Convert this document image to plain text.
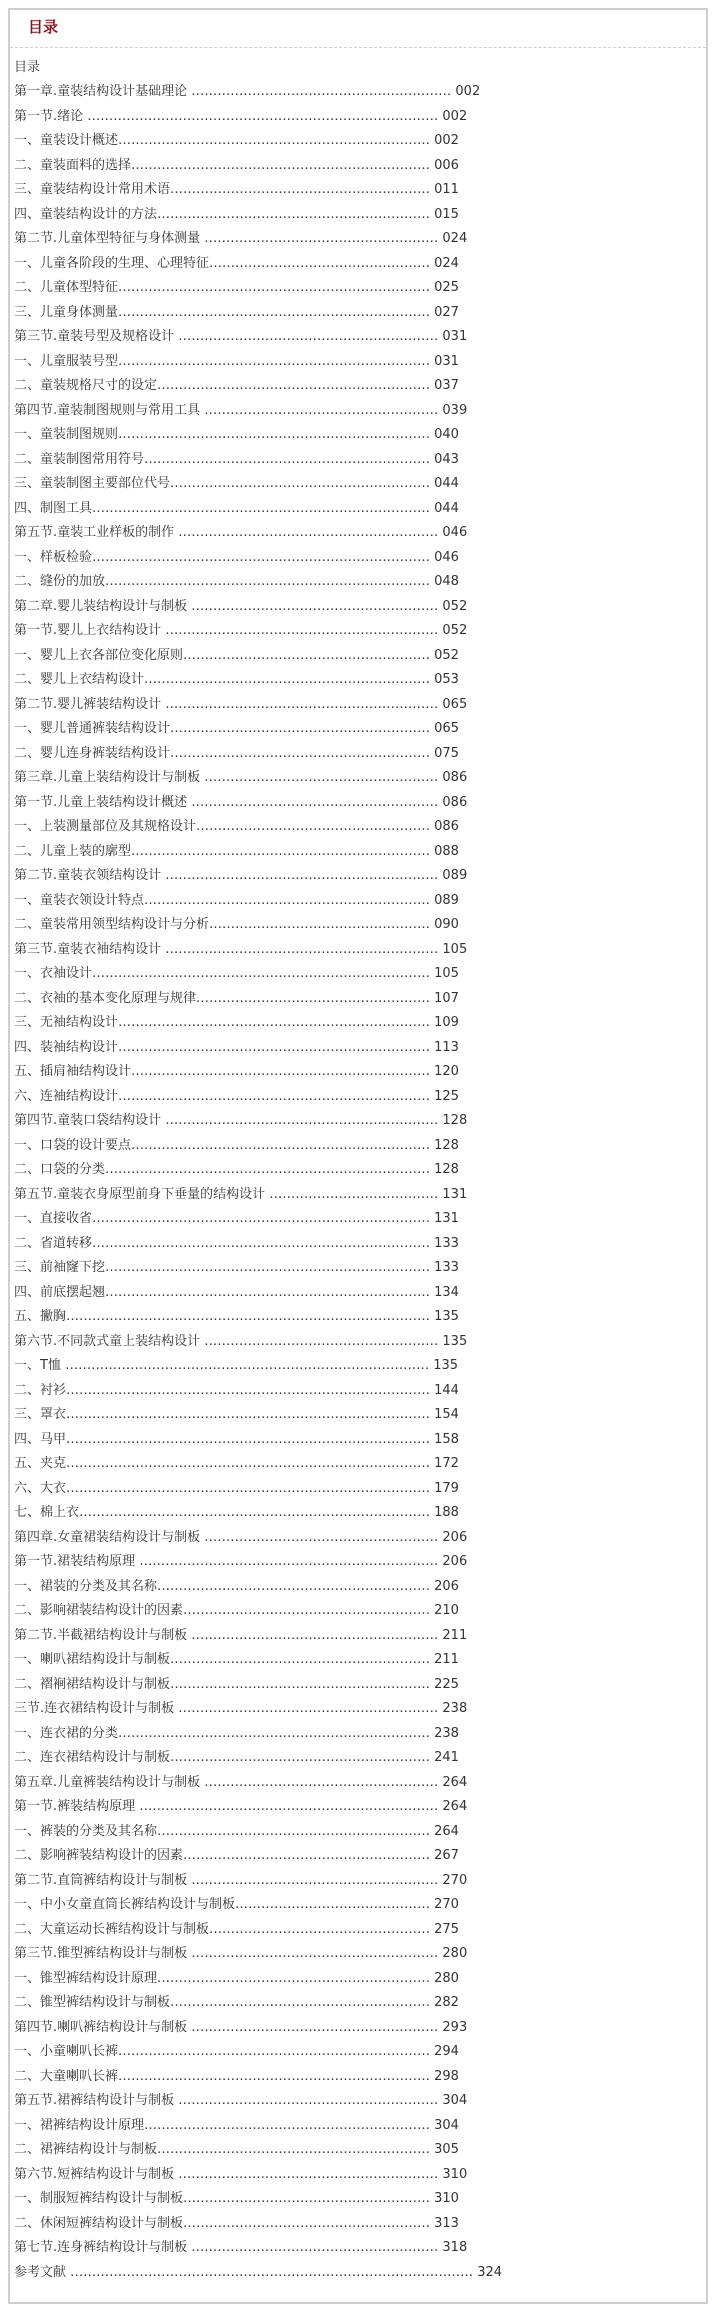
目录
目录
第一章.童装结构设计基础理论 …………………………………………………… 002
第一节.绪论 ……………………………………………………………………… 002
一、童装设计概述……………………………………………………………… 002
二、童装面料的选择…………………………………………………………… 006
三、童装结构设计常用术语…………………………………………………… 011
四、童装结构设计的方法……………………………………………………… 015
第二节.儿童体型特征与身体测量 ……………………………………………… 024
一、儿童各阶段的生理、心理特征…………………………………………… 024
二、儿童体型特征……………………………………………………………… 025
三、儿童身体测量……………………………………………………………… 027
第三节.童装号型及规格设计 …………………………………………………… 031
一、儿童服装号型……………………………………………………………… 031
二、童装规格尺寸的设定……………………………………………………… 037
第四节.童装制图规则与常用工具 ……………………………………………… 039
一、童装制图规则……………………………………………………………… 040
二、童装制图常用符号………………………………………………………… 043
三、童装制图主要部位代号…………………………………………………… 044
四、制图工具…………………………………………………………………… 044
第五节.童装工业样板的制作 …………………………………………………… 046
一、样板检验…………………………………………………………………… 046
二、缝份的加放………………………………………………………………… 048
第二章.婴儿装结构设计与制板 ………………………………………………… 052
第一节.婴儿上衣结构设计 ……………………………………………………… 052
一、婴儿上衣各部位变化原则………………………………………………… 052
二、婴儿上衣结构设计………………………………………………………… 053
第二节.婴儿裤装结构设计 ……………………………………………………… 065
一、婴儿普通裤装结构设计…………………………………………………… 065
二、婴儿连身裤装结构设计…………………………………………………… 075
第三章.儿童上装结构设计与制板 ……………………………………………… 086
第一节.儿童上装结构设计概述 ………………………………………………… 086
一、上装测量部位及其规格设计……………………………………………… 086
二、儿童上装的廓型…………………………………………………………… 088
第二节.童装衣领结构设计 ……………………………………………………… 089
一、童装衣领设计特点………………………………………………………… 089
二、童装常用领型结构设计与分析…………………………………………… 090
第三节.童装衣袖结构设计 ……………………………………………………… 105
一、衣袖设计…………………………………………………………………… 105
二、衣袖的基本变化原理与规律……………………………………………… 107
三、无袖结构设计……………………………………………………………… 109
四、装袖结构设计……………………………………………………………… 113
五、插肩袖结构设计…………………………………………………………… 120
六、连袖结构设计……………………………………………………………… 125
第四节.童装口袋结构设计 ……………………………………………………… 128
一、口袋的设计要点…………………………………………………………… 128
二、口袋的分类………………………………………………………………… 128
第五节.童装衣身原型前身下垂量的结构设计 ………………………………… 131
一、直接收省…………………………………………………………………… 131
二、省道转移…………………………………………………………………… 133
三、前袖窿下挖………………………………………………………………… 133
四、前底摆起翘………………………………………………………………… 134
五、撇胸………………………………………………………………………… 135
第六节.不同款式童上装结构设计 ……………………………………………… 135
一、T恤 ………………………………………………………………………… 135
二、衬衫………………………………………………………………………… 144
三、罩衣………………………………………………………………………… 154
四、马甲………………………………………………………………………… 158
五、夹克………………………………………………………………………… 172
六、大衣………………………………………………………………………… 179
七、棉上衣……………………………………………………………………… 188
第四章.女童裙装结构设计与制板 ……………………………………………… 206
第一节.裙装结构原理 …………………………………………………………… 206
一、裙装的分类及其名称……………………………………………………… 206
二、影响裙装结构设计的因素………………………………………………… 210
第二节.半截裙结构设计与制板 ………………………………………………… 211
一、喇叭裙结构设计与制板…………………………………………………… 211
二、褶裥裙结构设计与制板…………………………………………………… 225
三节.连衣裙结构设计与制板 …………………………………………………… 238
一、连衣裙的分类……………………………………………………………… 238
二、连衣裙结构设计与制板…………………………………………………… 241
第五章.儿童裤装结构设计与制板 ……………………………………………… 264
第一节.裤装结构原理 …………………………………………………………… 264
一、裤装的分类及其名称……………………………………………………… 264
二、影响裤装结构设计的因素………………………………………………… 267
第二节.直筒裤结构设计与制板 ………………………………………………… 270
一、中小女童直筒长裤结构设计与制板……………………………………… 270
二、大童运动长裤结构设计与制板…………………………………………… 275
第三节.锥型裤结构设计与制板 ………………………………………………… 280
一、锥型裤结构设计原理……………………………………………………… 280
二、锥型裤结构设计与制板…………………………………………………… 282
第四节.喇叭裤结构设计与制板 ………………………………………………… 293
一、小童喇叭长裤……………………………………………………………… 294
二、大童喇叭长裤……………………………………………………………… 298
第五节.裙裤结构设计与制板 …………………………………………………… 304
一、裙裤结构设计原理………………………………………………………… 304
二、裙裤结构设计与制板……………………………………………………… 305
第六节.短裤结构设计与制板 …………………………………………………… 310
一、制服短裤结构设计与制板………………………………………………… 310
二、休闲短裤结构设计与制板………………………………………………… 313
第七节.连身裤结构设计与制板 ………………………………………………… 318
参考文献 ………………………………………………………………………………… 324
